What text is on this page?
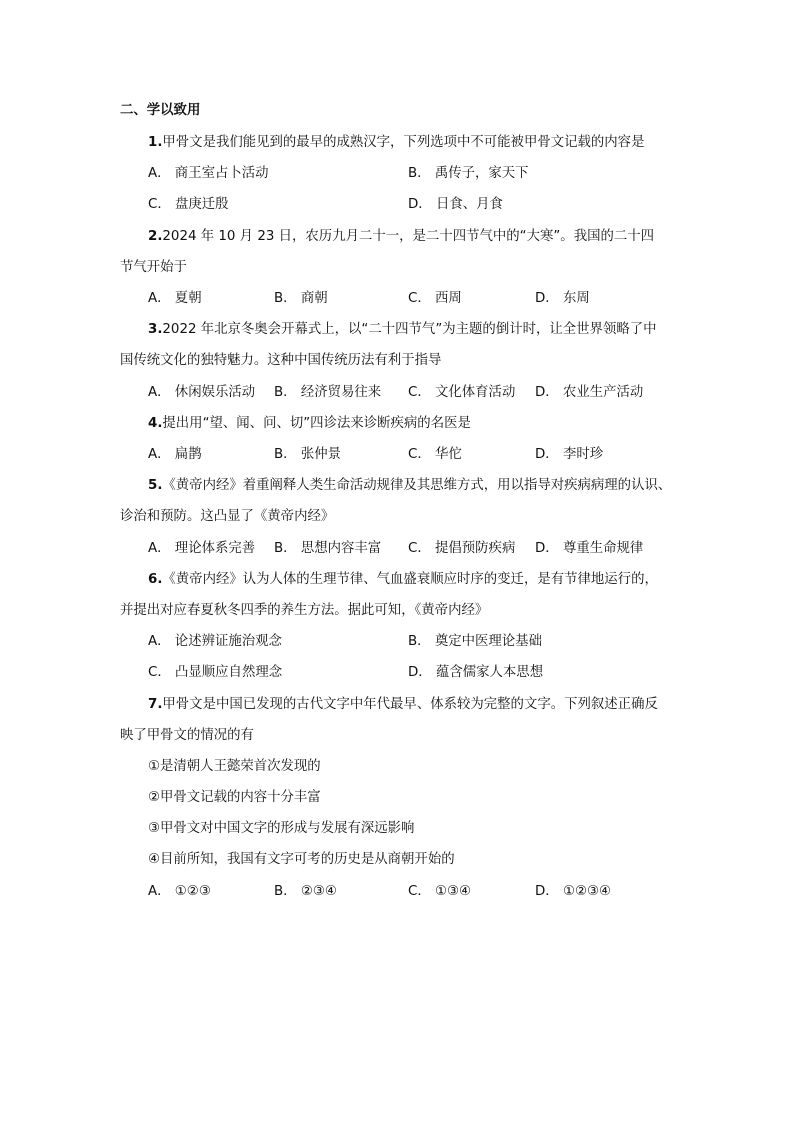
二、学以致用
1.甲骨文是我们能见到的最早的成熟汉字，下列选项中不可能被甲骨文记载的内容是
A． 商王室占卜活动	B． 禹传子，家天下
C． 盘庚迁殷	D． 日食、月食
2.2024 年 10 月 23 日，农历九月二十一，是二十四节气中的“大寒”。我国的二十四
节气开始于
A． 夏朝	B． 商朝	C． 西周	D． 东周
3.2022 年北京冬奥会开幕式上，以“二十四节气”为主题的倒计时，让全世界领略了中
国传统文化的独特魅力。这种中国传统历法有利于指导
A． 休闲娱乐活动 B． 经济贸易往来 C． 文化体育活动 D． 农业生产活动
4.提出用“望、闻、问、切”四诊法来诊断疾病的名医是
A． 扁鹊	B． 张仲景	C． 华佗	D． 李时珍
5.《黄帝内经》着重阐释人类生命活动规律及其思维方式，用以指导对疾病病理的认识、
诊治和预防。这凸显了《黄帝内经》
A． 理论体系完善 B． 思想内容丰富 C． 提倡预防疾病 D． 尊重生命规律
6.《黄帝内经》认为人体的生理节律、气血盛衰顺应时序的变迁，是有节律地运行的，
并提出对应春夏秋冬四季的养生方法。据此可知，《黄帝内经》
A． 论述辨证施治观念	B． 奠定中医理论基础
C． 凸显顺应自然理念	D． 蕴含儒家人本思想
7.甲骨文是中国已发现的古代文字中年代最早、体系较为完整的文字。下列叙述正确反
映了甲骨文的情况的有
①是清朝人王懿荣首次发现的
②甲骨文记载的内容十分丰富
③甲骨文对中国文字的形成与发展有深远影响
④目前所知，我国有文字可考的历史是从商朝开始的
A． ①②③	B． ②③④	C． ①③④	D． ①②③④
